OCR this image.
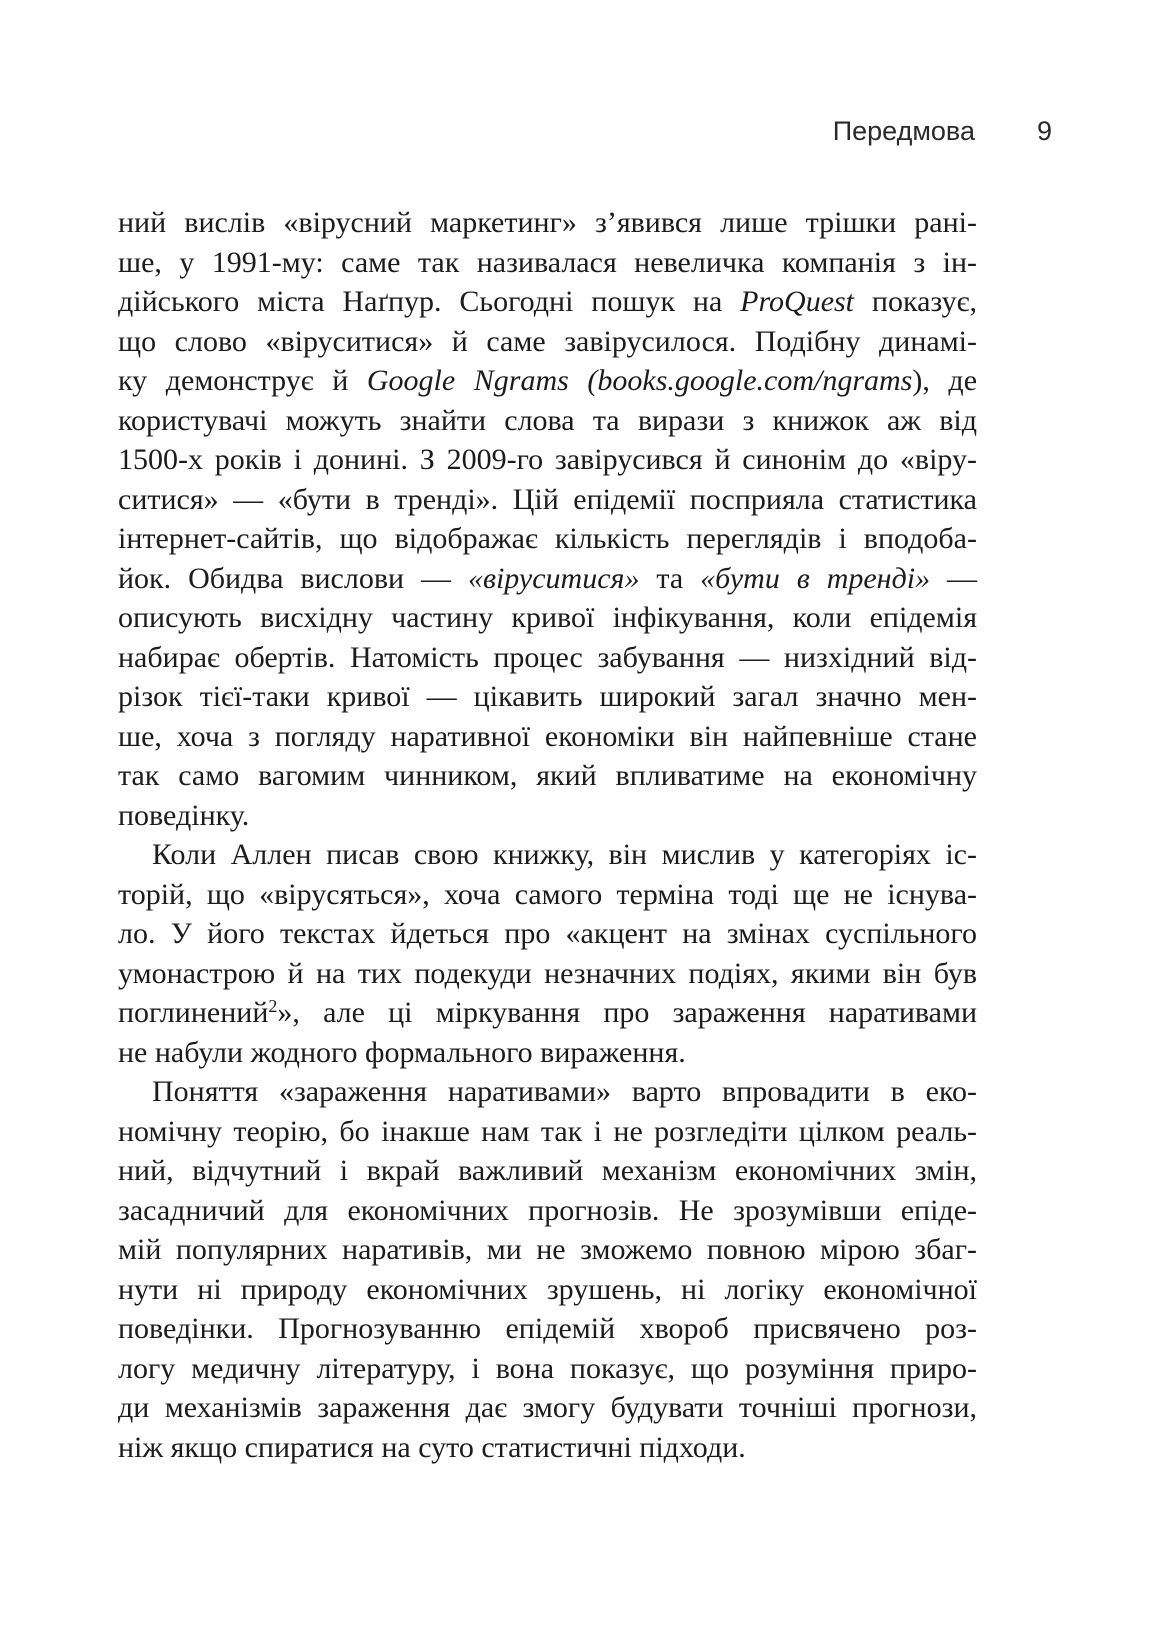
Передмова 9
ний вислів «вірусний маркетинг» з’явився лише трішки рані-
ше, у 1991-му: саме так називалася невеличка компанія з ін-
дійського міста Наґпур. Сьогодні пошук на ProQuest показує,
що слово «віруситися» й саме завірусилося. Подібну динамі-
ку демонструє й Google Ngrams (books.google.com/ngrams), де
користувачі можуть знайти слова та вирази з книжок аж від
1500-х років і донині. З 2009-го завірусився й синонім до «віру-
ситися» — «бути в тренді». Цій епідемії посприяла статистика
інтернет-сайтів, що відображає кількість переглядів і вподоба-
йок. Обидва вислови — «віруситися» та «бути в тренді» —
описують висхідну частину кривої інфікування, коли епідемія
набирає обертів. Натомість процес забування — низхідний від-
різок тієї-таки кривої — цікавить широкий загал значно мен-
ше, хоча з погляду наративної економіки він найпевніше стане
так само вагомим чинником, який впливатиме на економічну
поведінку.
Коли Аллен писав свою книжку, він мислив у категоріях іс-
торій, що «вірусяться», хоча самого терміна тоді ще не існува-
ло. У його текстах йдеться про «акцент на змінах суспільного
умонастрою й на тих подекуди незначних подіях, якими він був
поглинений$^2$», але ці міркування про зараження наративами
не набули жодного формального вираження.
Поняття «зараження наративами» варто впровадити в еко-
номічну теорію, бо інакше нам так і не розгледіти цілком реаль-
ний, відчутний і вкрай важливий механізм економічних змін,
засадничий для економічних прогнозів. Не зрозумівши епіде-
мій популярних наративів, ми не зможемо повною мірою збаг-
нути ні природу економічних зрушень, ні логіку економічної
поведінки. Прогнозуванню епідемій хвороб присвячено роз-
логу медичну літературу, і вона показує, що розуміння приро-
ди механізмів зараження дає змогу будувати точніші прогнози,
ніж якщо спиратися на суто статистичні підходи.
